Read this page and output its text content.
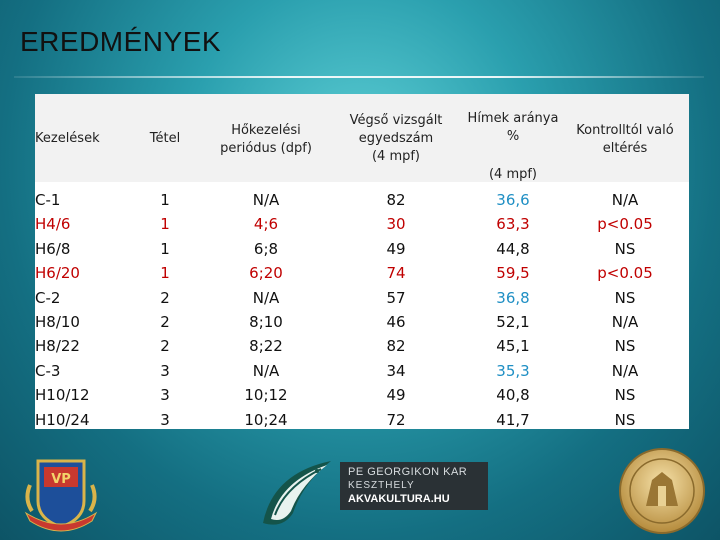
EREDMÉNYEK
Kezelések	Tétel
Hőkezelési
periódus (dpf)
Végső vizsgált
egyedszám
(4 mpf)
Hímek aránya
%
(4 mpf)
Kontrolltól való
eltérés
C-1
H4/6
H6/8
H6/20
C-2
H8/10
H8/22
C-3
H10/12
H10/24
1
1
1
1
2
2
2
3
3
3
N/A
4;6
6;8
6;20
N/A
8;10
8;22
N/A
10;12
10;24
82
30
49
74
57
46
82
34
49
72
36,6
63,3
44,8
59,5
36,8
52,1
45,1
35,3
40,8
41,7
N/A
p<0.05
NS
p<0.05
NS
N/A
NS
N/A
NS
NS
VP	PE GEORGIKON KAR
KESZTHELY
AKVAKULTURA.HU
